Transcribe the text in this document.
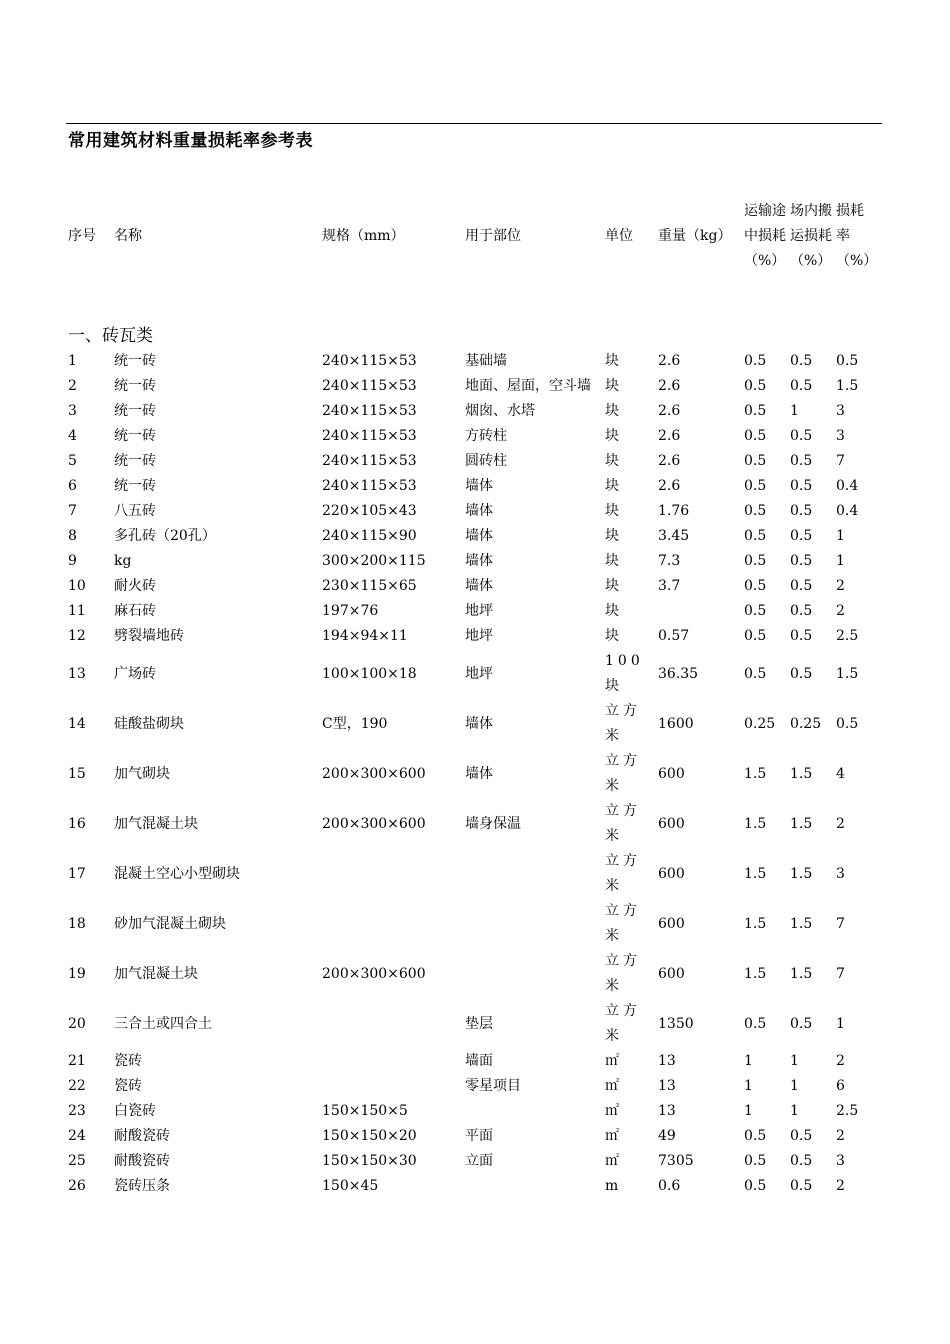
常用建筑材料重量损耗率参考表
序号	名称	规格（mm）	用于部位	单位	重量（kg）	运输途中损耗（%）	场内搬运损耗（%）	损耗率（%）
一、砖瓦类								
1	统一砖	240×115×53	基础墙	块	2.6	0.5	0.5	0.5
2	统一砖	240×115×53	地面、屋面，空斗墙	块	2.6	0.5	0.5	1.5
3	统一砖	240×115×53	烟囱、水塔	块	2.6	0.5	1	3
4	统一砖	240×115×53	方砖柱	块	2.6	0.5	0.5	3
5	统一砖	240×115×53	圆砖柱	块	2.6	0.5	0.5	7
6	统一砖	240×115×53	墙体	块	2.6	0.5	0.5	0.4
7	八五砖	220×105×43	墙体	块	1.76	0.5	0.5	0.4
8	多孔砖（20孔）	240×115×90	墙体	块	3.45	0.5	0.5	1
9	kg	300×200×115	墙体	块	7.3	0.5	0.5	1
10	耐火砖	230×115×65	墙体	块	3.7	0.5	0.5	2
11	麻石砖	197×76	地坪	块		0.5	0.5	2
12	劈裂墙地砖	194×94×11	地坪	块	0.57	0.5	0.5	2.5
13	广场砖	100×100×18	地坪	100块	36.35	0.5	0.5	1.5
14	硅酸盐砌块	C型，190	墙体	立方米	1600	0.25	0.25	0.5
15	加气砌块	200×300×600	墙体	立方米	600	1.5	1.5	4
16	加气混凝土块	200×300×600	墙身保温	立方米	600	1.5	1.5	2
17	混凝土空心小型砌块			立方米	600	1.5	1.5	3
18	砂加气混凝土砌块			立方米	600	1.5	1.5	7
19	加气混凝土块	200×300×600		立方米	600	1.5	1.5	7
20	三合土或四合土		垫层	立方米	1350	0.5	0.5	1
21	瓷砖		墙面	㎡	13	1	1	2
22	瓷砖		零星项目	㎡	13	1	1	6
23	白瓷砖	150×150×5		㎡	13	1	1	2.5
24	耐酸瓷砖	150×150×20	平面	㎡	49	0.5	0.5	2
25	耐酸瓷砖	150×150×30	立面	㎡	7305	0.5	0.5	3
26	瓷砖压条	150×45		m	0.6	0.5	0.5	2
